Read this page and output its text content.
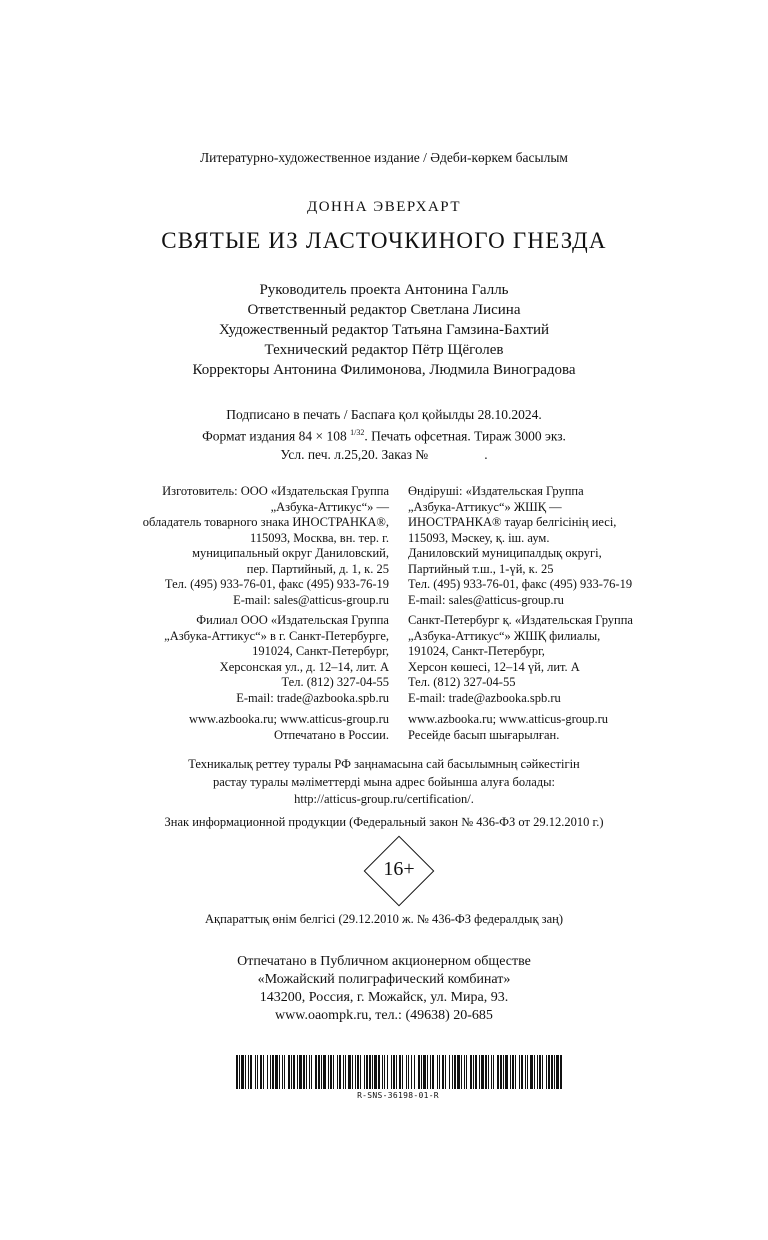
Литературно-художественное издание / Әдеби-көркем басылым
ДОННА ЭВЕРХАРТ
СВЯТЫЕ ИЗ ЛАСТОЧКИНОГО ГНЕЗДА
Руководитель проекта Антонина Галль
Ответственный редактор Светлана Лисина
Художественный редактор Татьяна Гамзина-Бахтий
Технический редактор Пётр Щёголев
Корректоры Антонина Филимонова, Людмила Виноградова
Подписано в печать / Баспаға қол қойылды 28.10.2024.
Формат издания 84 × 108 $^{1/32}$. Печать офсетная. Тираж 3000 экз.
Усл. печ. л.25,20. Заказ №	.
Изготовитель: ООО «Издательская Группа
„Азбука-Аттикус“» —
обладатель товарного знака ИНОСТРАНКА®,
115093, Москва, вн. тер. г.
муниципальный округ Даниловский,
пер. Партийный, д. 1, к. 25
Тел. (495) 933-76-01, факс (495) 933-76-19
E-mail: sales@atticus-group.ru
Өндіруші: «Издательская Группа
„Азбука-Аттикус“» ЖШҚ —
ИНОСТРАНКА® тауар белгісінің иесі,
115093, Мәскеу, қ. іш. аум.
Даниловский муниципалдық округі,
Партийный т.ш., 1-үй, к. 25
Тел. (495) 933-76-01, факс (495) 933-76-19
E-mail: sales@atticus-group.ru
Филиал ООО «Издательская Группа
„Азбука-Аттикус“» в г. Санкт-Петербурге,
191024, Санкт-Петербург,
Херсонская ул., д. 12–14, лит. А
Тел. (812) 327-04-55
E-mail: trade@azbooka.spb.ru
Санкт-Петербург қ. «Издательская Группа
„Азбука-Аттикус“» ЖШҚ филиалы,
191024, Санкт-Петербург,
Херсон көшесі, 12–14 үй, лит. А
Тел. (812) 327-04-55
E-mail: trade@azbooka.spb.ru
www.azbooka.ru; www.atticus-group.ru
Отпечатано в России.
www.azbooka.ru; www.atticus-group.ru
Ресейде басып шығарылған.
Техникалық реттеу туралы РФ заңнамасына сай басылымның сәйкестігін
растау туралы мәліметтерді мына адрес бойынша алуға болады:
http://atticus-group.ru/certification/.
Знак информационной продукции (Федеральный закон № 436-ФЗ от 29.12.2010 г.)
16+
Ақпараттық өнім белгісі (29.12.2010 ж. № 436-ФЗ федералдық заң)
Отпечатано в Публичном акционерном обществе
«Можайский полиграфический комбинат»
143200, Россия, г. Можайск, ул. Мира, 93.
www.oaompk.ru, тел.: (49638) 20-685
R-SNS-36198-01-R
